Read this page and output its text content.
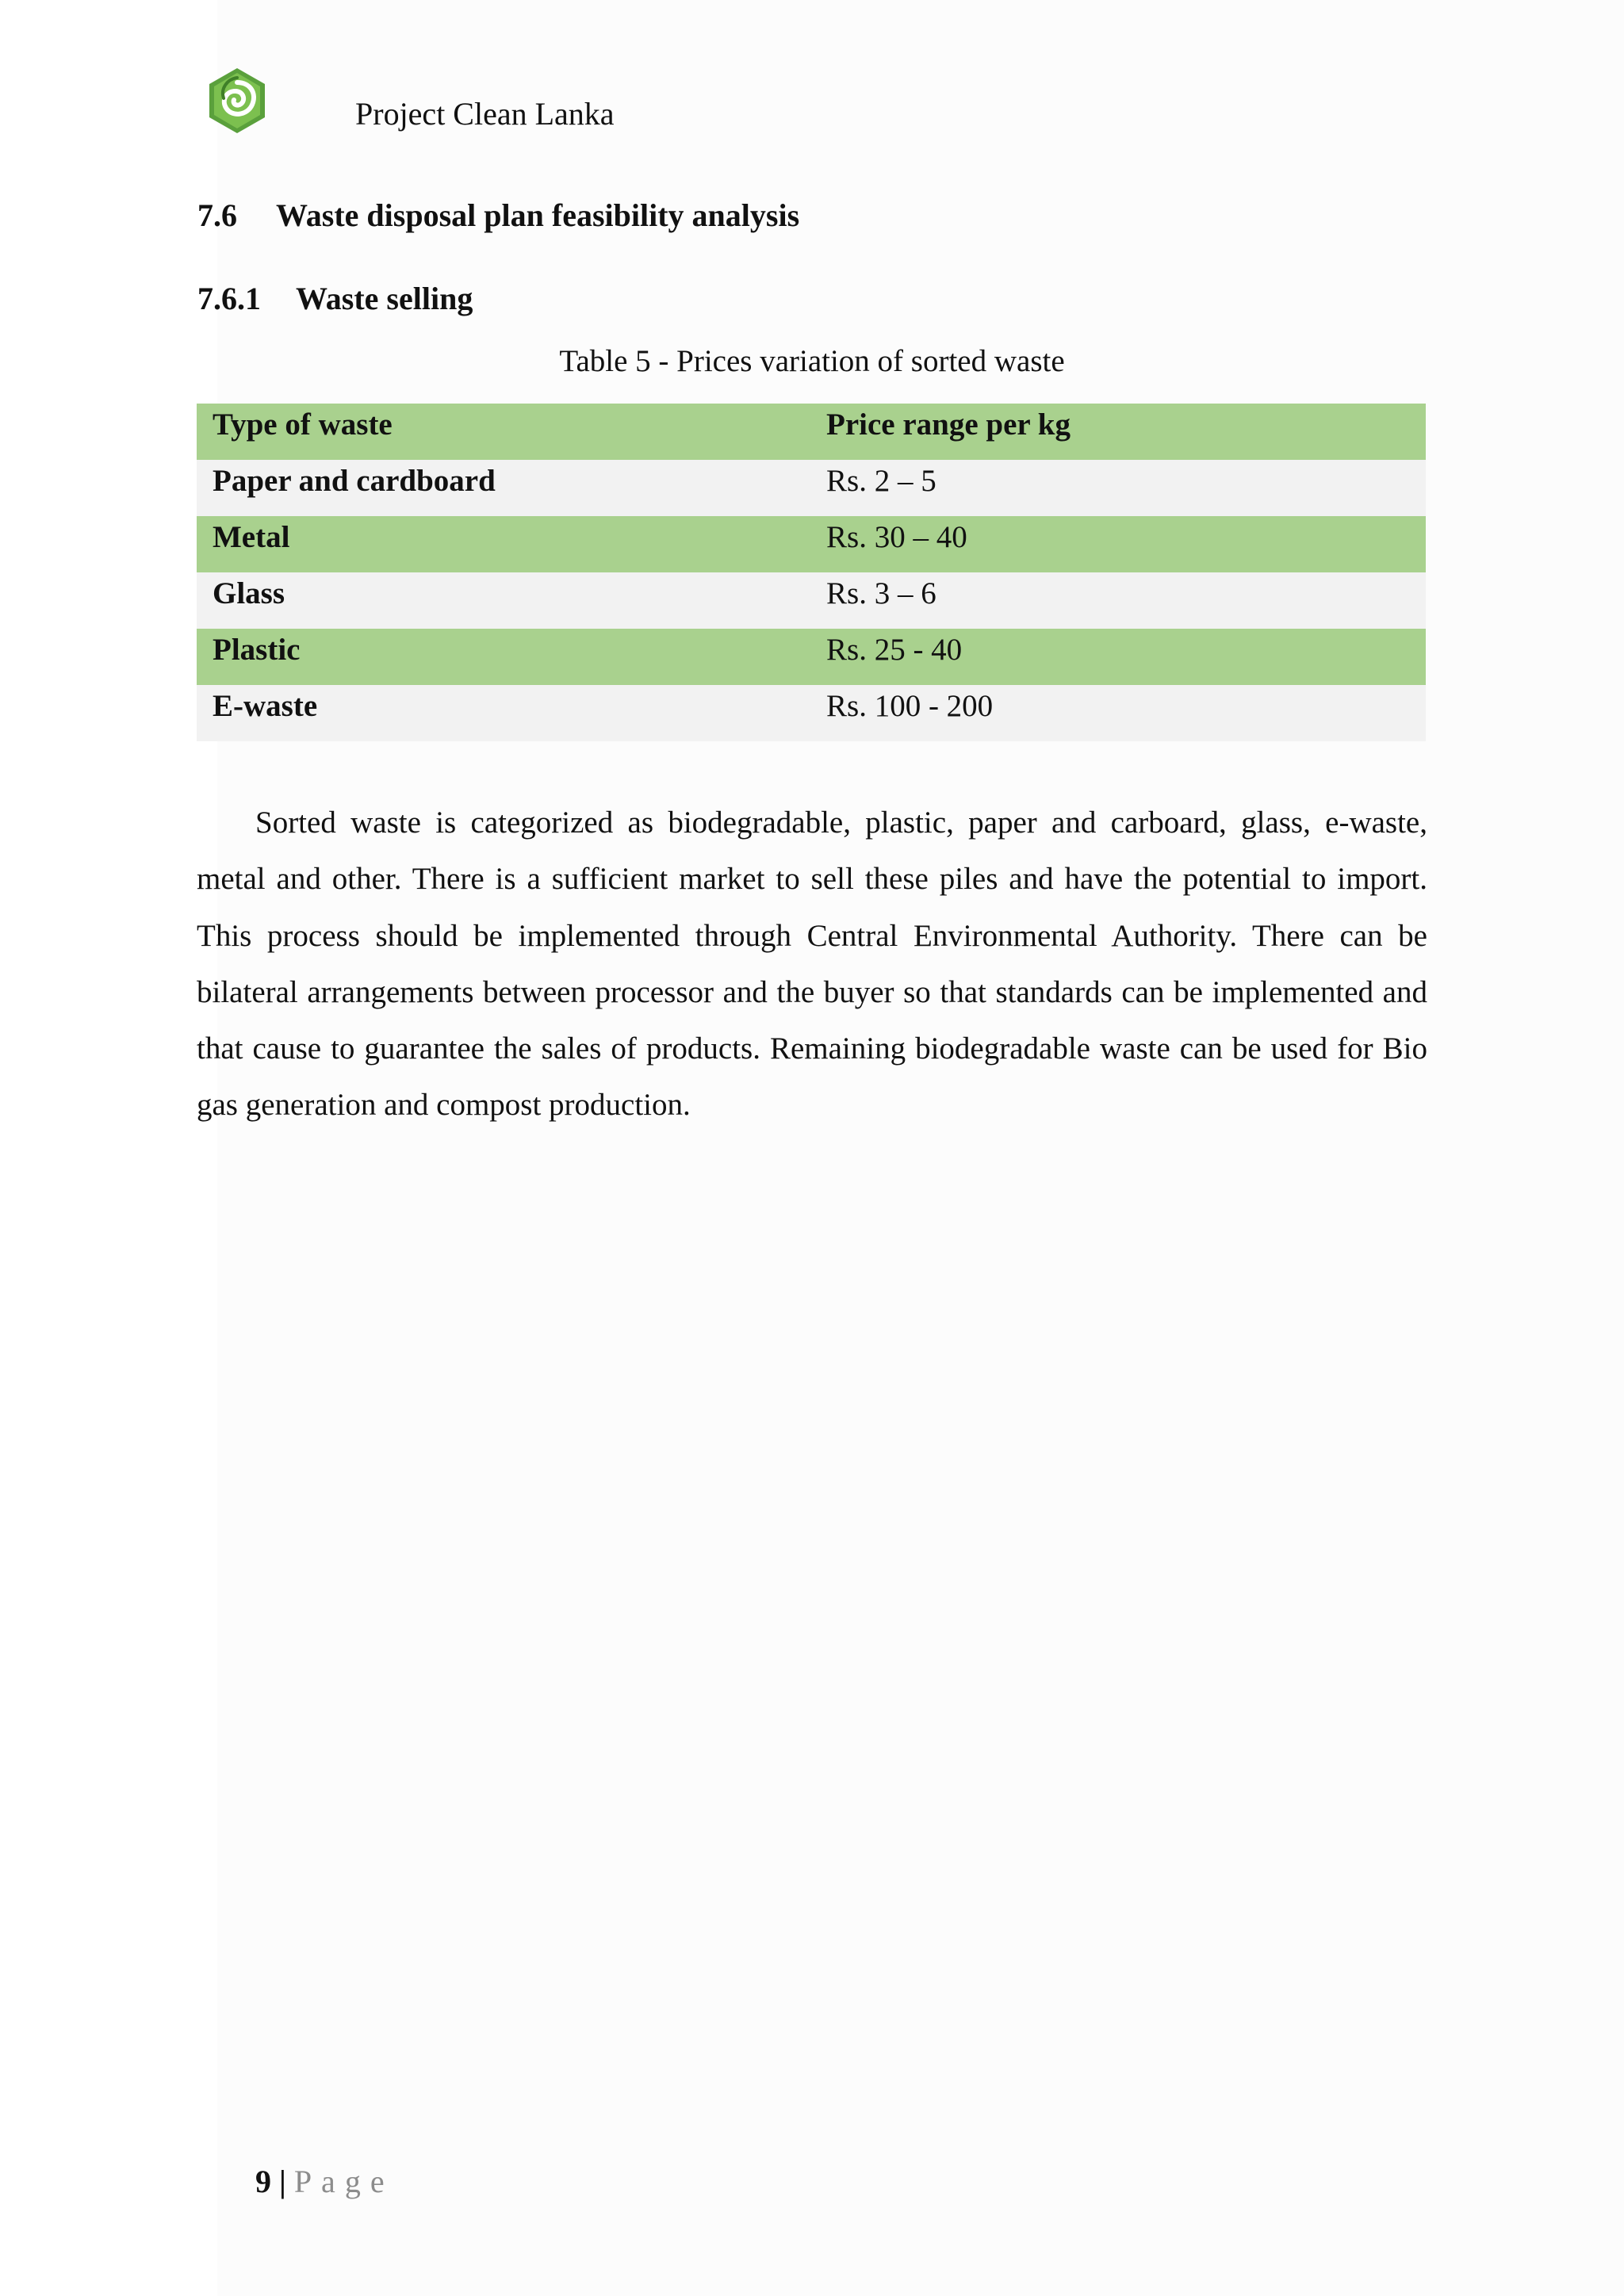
Project Clean Lanka
7.6 Waste disposal plan feasibility analysis
7.6.1 Waste selling
Table 5 - Prices variation of sorted waste
Type of waste	Price range per kg
Paper and cardboard	Rs. 2 – 5
Metal	Rs. 30 – 40
Glass	Rs. 3 – 6
Plastic	Rs. 25 - 40
E-waste	Rs. 100 - 200

Sorted waste is categorized as biodegradable, plastic, paper and carboard, glass, e-waste, metal and other. There is a sufficient market to sell these piles and have the potential to import. This process should be implemented through Central Environmental Authority. There can be bilateral arrangements between processor and the buyer so that standards can be implemented and that cause to guarantee the sales of products. Remaining biodegradable waste can be used for Bio gas generation and compost production.

9 | Page
